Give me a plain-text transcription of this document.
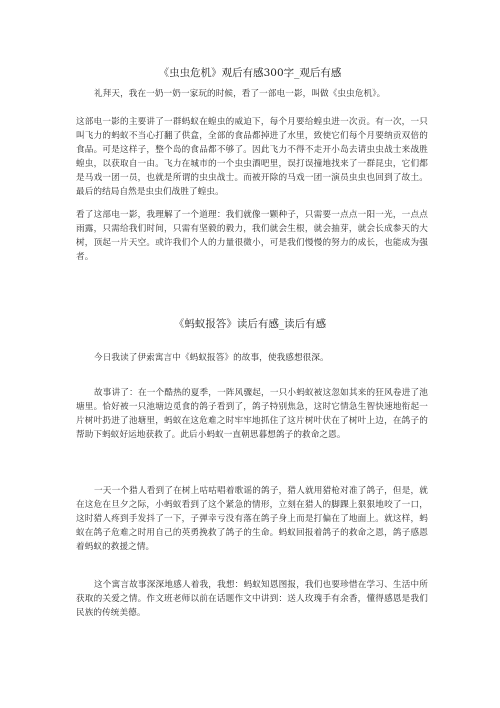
《虫虫危机》观后有感300字_观后有感
礼拜天，我在一奶一奶一家玩的时候，看了一部电一影，叫做《虫虫危机》。
这部电一影的主要讲了一群蚂蚁在蝗虫的威迫下，每个月要给蝗虫进一次贡。有一次，一只叫飞力的蚂蚁不当心打翻了供盒，全部的食品都掉进了水里，致使它们每个月要纳贡双倍的食品。可是这样子，整个岛的食品都不够了。因此飞力不得不走开小岛去请虫虫战士来战胜蝗虫，以获取自一由。飞力在城市的一个虫虫酒吧里，误打误撞地找来了一群昆虫，它们都是马戏一团一员，也就是所谓的虫虫战士。而被开除的马戏一团一演员虫虫也回到了故土。最后的结局自然是虫虫们战胜了蝗虫。
看了这部电一影，我理解了一个道理：我们就像一颗种子，只需要一点点一阳一光，一点点雨露，只需给我们时间，只需有坚毅的毅力，我们就会生根，就会抽芽，就会长成参天的大树，顶起一片天空。或许我们个人的力量很微小，可是我们慢慢的努力的成长，也能成为强者。
《蚂蚁报答》读后有感_读后有感
今日我读了伊索寓言中《蚂蚁报答》的故事，使我感想很深。
故事讲了：在一个酷热的夏季，一阵风骤起，一只小蚂蚁被这忽如其来的狂风卷进了池塘里。恰好被一只池塘边觅食的鸽子看到了，鸽子特别焦急，这时它情急生智快速地衔起一片树叶扔进了池塘里，蚂蚁在这危难之时牢牢地抓住了这片树叶伏在了树叶上边，在鸽子的帮助下蚂蚁好运地获救了。此后小蚂蚁一直朝思暮想鸽子的救命之恩。
一天一个猎人看到了在树上咕咕唱着歌谣的鸽子，猎人就用猎枪对准了鸽子，但是，就在这危在旦夕之际，小蚂蚁看到了这个紧急的情形，立刻在猎人的脚踝上狠狠地咬了一口，这时猎人疼到手发抖了一下，子弹幸亏没有落在鸽子身上而是打偏在了地面上。就这样，蚂蚁在鸽子危难之时用自己的英勇挽救了鸽子的生命。蚂蚁回报着鸽子的救命之恩，鸽子感恩着蚂蚁的救援之情。
这个寓言故事深深地感人着我，我想：蚂蚁知恩图报，我们也要珍惜在学习、生活中所获取的关爱之情。作文班老师以前在话题作文中讲到：送人玫瑰手有余香，懂得感恩是我们民族的传统美德。
